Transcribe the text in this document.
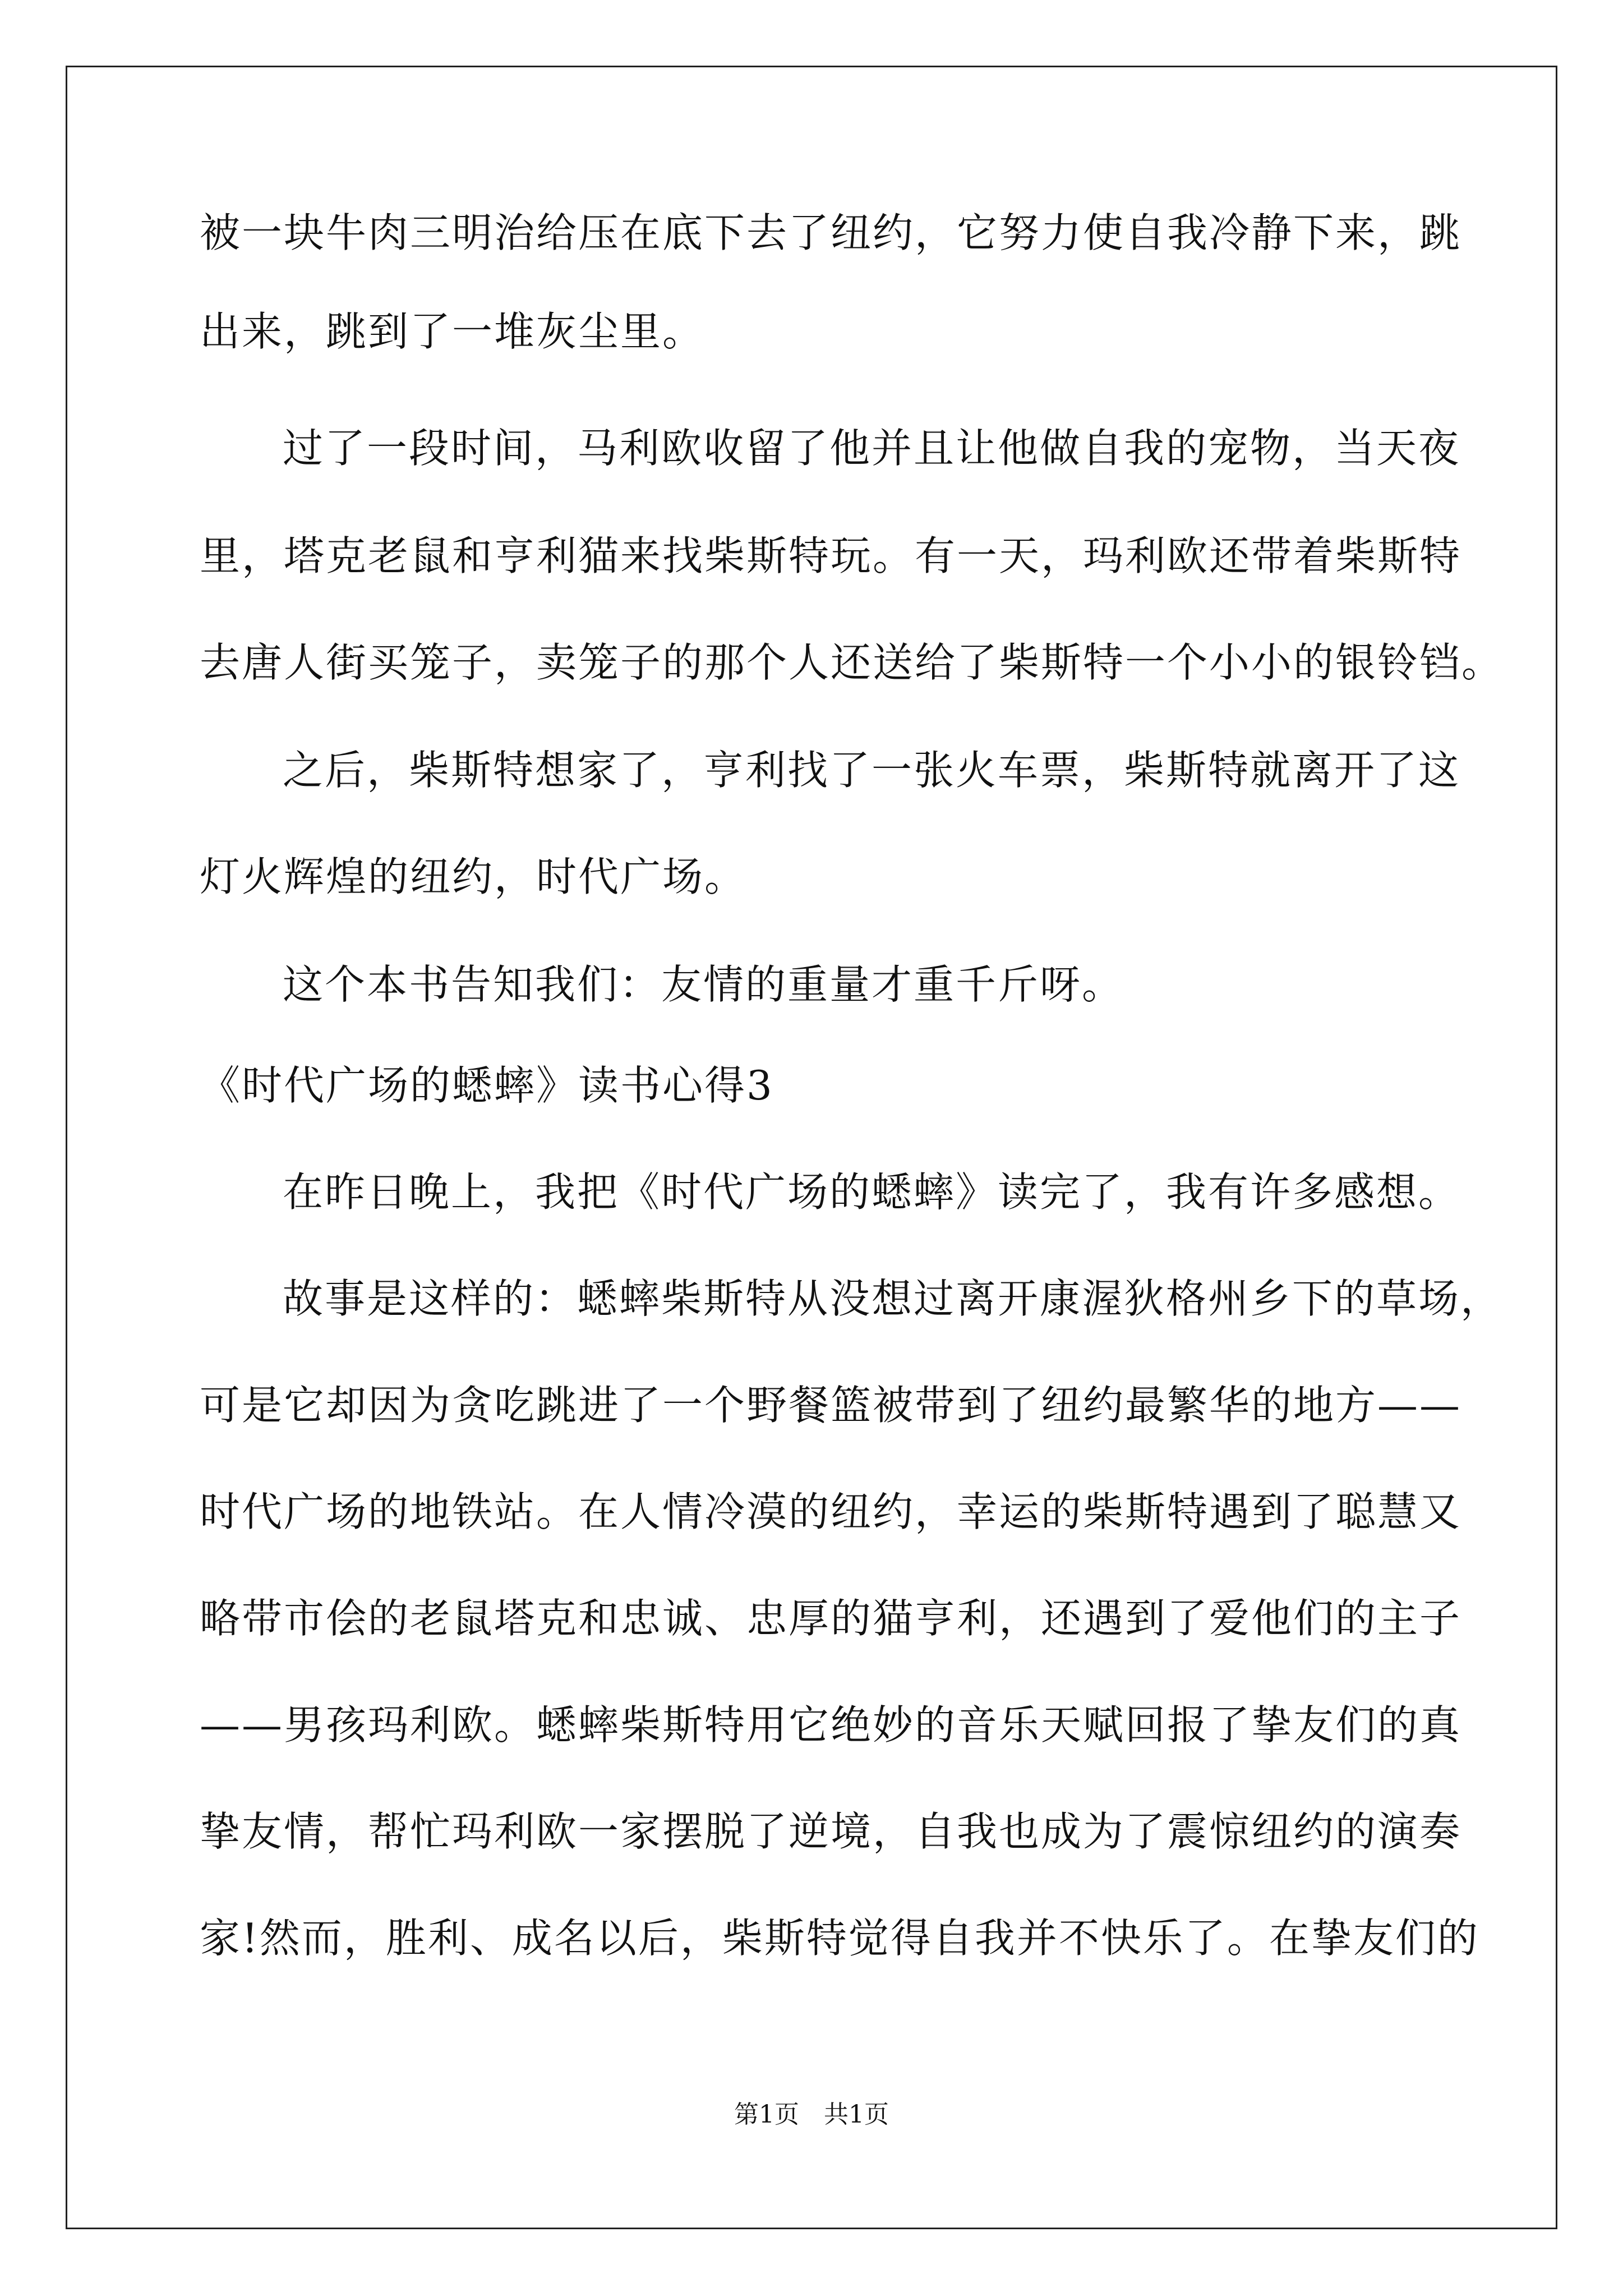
被一块牛肉三明治给压在底下去了纽约，它努力使自我冷静下来，跳
出来，跳到了一堆灰尘里。
过了一段时间，马利欧收留了他并且让他做自我的宠物，当天夜
里，塔克老鼠和亨利猫来找柴斯特玩。有一天，玛利欧还带着柴斯特
去唐人街买笼子，卖笼子的那个人还送给了柴斯特一个小小的银铃铛。
之后，柴斯特想家了，亨利找了一张火车票，柴斯特就离开了这
灯火辉煌的纽约，时代广场。
这个本书告知我们：友情的重量才重千斤呀。
《时代广场的蟋蟀》读书心得3
在昨日晚上，我把《时代广场的蟋蟀》读完了，我有许多感想。
故事是这样的：蟋蟀柴斯特从没想过离开康渥狄格州乡下的草场，
可是它却因为贪吃跳进了一个野餐篮被带到了纽约最繁华的地方——
时代广场的地铁站。在人情冷漠的纽约，幸运的柴斯特遇到了聪慧又
略带市侩的老鼠塔克和忠诚、忠厚的猫亨利，还遇到了爱他们的主子
——男孩玛利欧。蟋蟀柴斯特用它绝妙的音乐天赋回报了挚友们的真
挚友情，帮忙玛利欧一家摆脱了逆境，自我也成为了震惊纽约的演奏
家!然而，胜利、成名以后，柴斯特觉得自我并不快乐了。在挚友们的
第1页　共1页
